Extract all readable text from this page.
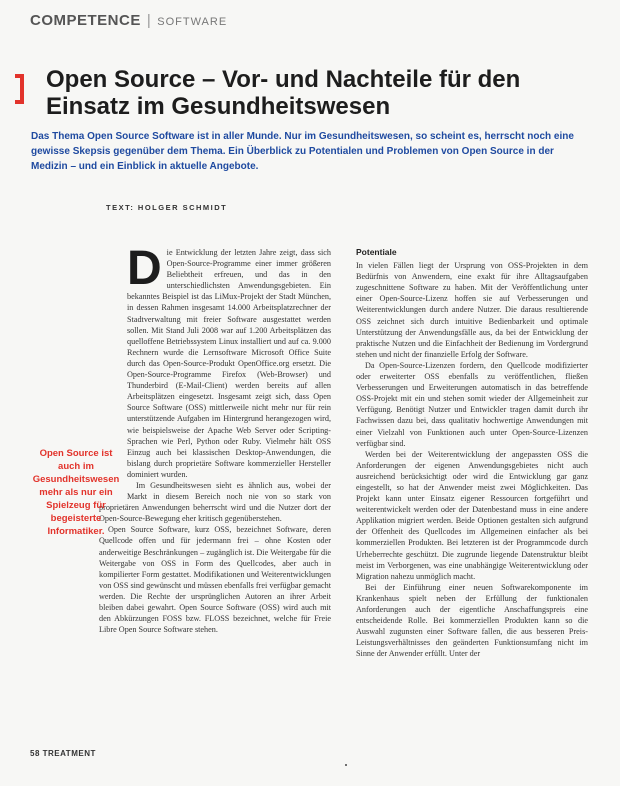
COMPETENCE | SOFTWARE
Open Source – Vor- und Nachteile für den Einsatz im Gesundheitswesen

Das Thema Open Source Software ist in aller Munde. Nur im Gesundheitswesen, so scheint es, herrscht noch eine gewisse Skepsis gegenüber dem Thema. Ein Überblick zu Potentialen und Problemen von Open Source in der Medizin – und ein Einblick in aktuelle Angebote.

TEXT: HOLGER SCHMIDT

Die Entwicklung der letzten Jahre zeigt, dass sich Open-Source-Programme einer immer größeren Beliebtheit erfreuen, und das in den unterschiedlichsten Anwendungsgebieten. Ein bekanntes Beispiel ist das LiMux-Projekt der Stadt München, in dessen Rahmen insgesamt 14.000 Arbeitsplatzrechner der Stadtverwaltung mit freier Software ausgestattet werden sollen. Mit Stand Juli 2008 war auf 1.200 Arbeitsplätzen das quelloffene Betriebssystem Linux installiert und auf ca. 9.000 Rechnern wurde die Lernsoftware Microsoft Office Suite durch das Open-Source-Produkt OpenOffice.org ersetzt. Die Open-Source-Programme Firefox (Web-Browser) und Thunderbird (E-Mail-Client) werden bereits auf allen Arbeitsplätzen eingesetzt. Insgesamt zeigt sich, dass Open Source Software (OSS) mittlerweile nicht mehr nur für rein unterstützende Aufgaben im Hintergrund herangezogen wird, wie beispielsweise der Apache Web Server oder Scripting-Sprachen wie Perl, Python oder Ruby. Vielmehr hält OSS Einzug auch bei klassischen Desktop-Anwendungen, die bislang durch proprietäre Software kommerzieller Hersteller dominiert wurden.

Im Gesundheitswesen sieht es ähnlich aus, wobei der Markt in diesem Bereich noch nie von so stark von proprietären Anwendungen beherrscht wird und die Nutzer dort der Open-Source-Bewegung eher kritisch gegenüberstehen.

Open Source Software, kurz OSS, bezeichnet Software, deren Quellcode offen und für jedermann frei – ohne Kosten oder anderweitige Beschränkungen – zugänglich ist. Die Weitergabe für die Weitergabe von OSS in Form des Quellcodes, aber auch in kompilierter Form gestattet. Modifikationen und Weiterentwicklungen von OSS sind gewünscht und müssen ebenfalls frei verfügbar gemacht werden. Die Rechte der ursprünglichen Autoren an ihrer Arbeit bleiben dabei gewahrt. Open Source Software (OSS) wird auch mit den Abkürzungen FOSS bzw. FLOSS bezeichnet, welche für Freie Libre Open Source Software stehen.

Open Source ist auch im Gesundheitswesen mehr als nur ein Spielzeug für begeisterte Informatiker.
Potentiale

In vielen Fällen liegt der Ursprung von OSS-Projekten in dem Bedürfnis von Anwendern, eine exakt für ihre Alltagsaufgaben zugeschnittene Software zu haben. Mit der Veröffentlichung unter einer Open-Source-Lizenz hoffen sie auf Verbesserungen und Weiterentwicklungen durch andere Nutzer. Die daraus resultierende OSS zeichnet sich durch intuitive Bedienbarkeit und optimale Unterstützung der Anwendungsfälle aus, da bei der Entwicklung der praktische Nutzen und die Einfachheit der Bedienung im Vordergrund stehen und nicht der finanzielle Erfolg der Software.

Da Open-Source-Lizenzen fordern, den Quellcode modifizierter oder erweiterter OSS ebenfalls zu veröffentlichen, fließen Verbesserungen und Erweiterungen automatisch in das betreffende OSS-Projekt mit ein und stehen somit wieder der Allgemeinheit zur Verfügung. Benötigt Nutzer und Entwickler tragen damit durch ihr Fachwissen dazu bei, dass qualitativ hochwertige Anwendungen mit einer Vielzahl von Funktionen auch unter Open-Source-Lizenzen verfügbar sind.

Werden bei der Weiterentwicklung der angepassten OSS die Anforderungen der eigenen Anwendungsgebietes nicht auch ausreichend berücksichtigt oder wird die Entwicklung gar ganz eingestellt, so hat der Anwender meist zwei Möglichkeiten. Das Projekt kann unter Einsatz eigener Ressourcen fortgeführt und weiterentwickelt werden oder der Datenbestand muss in eine andere Applikation migriert werden. Beide Optionen gestalten sich aufgrund der Offenheit des Quellcodes im Allgemeinen einfacher als bei kommerziellen Produkten. Bei letzteren ist der Programmcode durch Urheberrechte geschützt. Die zugrunde liegende Datenstruktur bleibt meist im Verborgenen, was eine unabhängige Weiterentwicklung oder Migration nahezu unmöglich macht.

Bei der Einführung einer neuen Softwarekomponente im Krankenhaus spielt neben der Erfüllung der funktionalen Anforderungen auch der eigentliche Anschaffungspreis eine entscheidende Rolle. Bei kommerziellen Produkten kann so die Auswahl zugunsten einer Software fallen, die aus besseren Preis-Leistungsverhältnisses den geänderten Funktionsumfang nicht im Sinne der Anwender erfüllt. Unter der

58 TREATMENT
